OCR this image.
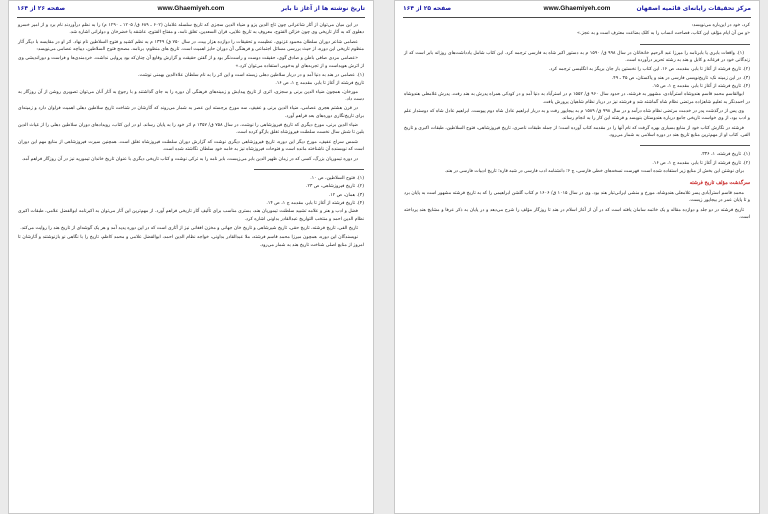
تاریخ نوشته ها از آغاز تا بابر
www.Ghaemiyeh.com
صفحه ۲۶ از ۱۶۴

در این میان می‌توان از آثار شاعرانی چون تاج الدین پزو و ضیاء الدین سجزی که تاریخ سلسله غلامان (۶۰۲ ـ ۶۸۹ ق/ ۱۲۰۵ ـ ۱۲۹۰ م) را به نظم درآوردند نام برد و از امیر خسرو دهلوی که به آثار تاریخی وی چون خزائن الفتوح، معروف به تاریخ علایی، قران السعدین، تغلق نامه، و مفتاح الفتوح، عاشقه یا خضرخان و دولرانی اشاره شد.

عصامی شاعر دوران سلطان محمود غزنوی، عظیمت و تحقیقات را دوازده هزار بیت، در سال ۷۵۰ ق/ ۱۳۴۹ م به نظم کشید و فتوح السلاطین نام نهاد. اثر او در مقایسه با دیگر آثار منظوم تاریخی این دوره، از حیث بررسی مسائل اجتماعی و فرهنگی آن دوران حایز اهمیت است. تاریخ های منظوم: برنامه، مصحح فتوح السلاطین، دیباچه عصامی می‌نویسد:

«عصامی مردی صافی باطن و صادق گوی، حقیقت دوست و راست‌نگر بود و از گفتن حقیقت و گزارش وقایع آن چنان‌که بود پروایی نداشت. خردمندی‌ها و فراست و دوراندیشی وی از اثرش هویداست و از تجربه‌های او به‌خوبی استفاده می‌توان کرد.»

(۱). عصامی در هند به دنیا آمد و در دربار سلاطین دهلی زیسته است و این اثر را به نام سلطان علاءالدین بهمنی نوشت.
تاریخ فرشته از آغاز تا بابر، مقدمه ج ۱، ص ۱۶.

مورخان، همچون ضیاء الدین برنی و سجزی، اثری از تاریخ پیدایش و زمینه‌های فرهنگی آن دوره را به جای گذاشتند و با رجوع به آثار آنان می‌توان تصویری روشن از آن روزگار به دست داد.

در قرن هشتم هجری عصامی، ضیاء الدین برنی و عفیف، سه مورخ برجسته این عصر به شمار می‌روند که آثارشان در شناخت تاریخ سلاطین دهلی اهمیت فراوان دارد و زمینه‌ای برای تاریخ‌نگاری دوره‌های بعد فراهم آورد.

ضیاء الدین برنی، مورخ دیگری که تاریخ فیروزشاهی را نوشت، در سال ۷۵۸ ق/ ۱۳۵۷ م اثر خود را به پایان رساند. او در این کتاب، رویدادهای دوران سلاطین دهلی را از غیاث الدین بلبن تا شش سال نخست سلطنت فیروزشاه تغلق بازگو کرده است.

شمس سراج عفیف، مورخ دیگر این دوره، تاریخ فیروزشاهی دیگری نوشت که گزارش دوران سلطنت فیروزشاه تغلق است. همچنین سیرت فیروزشاهی از منابع مهم این دوران است که نویسنده آن ناشناخته مانده است و فتوحات فیروزشاه نیز به خامه خود سلطان نگاشته شده است.

در دوره تیموریان بزرگ، کسی که در زمان ظهیر الدین بابر می‌زیست، بابر نامه را به ترکی نوشت و کتاب تاریخی دیگری با عنوان تاریخ خاندان تیموریه نیز در آن روزگار فراهم آمد.

(۱). فتوح السلاطین، ص ۱۰.
(۲). تاریخ فیروزشاهی، ص ۲۳.
(۳). همان، ص ۱۲.
(۴). تاریخ فرشته از آغاز تا بابر، مقدمه ج ۱، ص ۱۴.

فضل و ادب و هنر و علامه تشبید سلطنت تیموریان هند، بستری مناسب برای تألیف آثار تاریخی فراهم آورد. از مهم‌ترین این آثار می‌توان به اکبرنامه ابوالفضل علامی، طبقات اکبری نظام الدین احمد و منتخب التواریخ عبدالقادر بداونی اشاره کرد.

تاریخ الفی، تاریخ فرشته، تاریخ حقی، تاریخ شیرشاهی و تاریخ خان جهانی و مخزن افغانی نیز از آثاری است که در این دوره پدید آمد و هر یک گوشه‌ای از تاریخ هند را روایت می‌کند.

نویسندگان این دوره، همچون میرزا محمد قاسم فرشته، ملا عبدالقادر بداونی، خواجه نظام الدین احمد، ابوالفضل علامی و محمد کاظم، تاریخ را با نگاهی نو بازنوشتند و آثارشان تا امروز از منابع اصلی شناخت تاریخ هند به شمار می‌رود.

مرکز تحقیقات رایانه‌ای قائمیه اصفهان
www.Ghaemiyeh.com
صفحه ۲۵ از ۱۶۴
کرد، خود در این‌باره می‌نویسد:
«و من آن ایام مؤلف این کتاب، فصاحت انساب را به کلک بضاعت معترف است و به عجز.»

(۱). واقعات بابری یا بابرنامه را میرزا عبد الرحیم خانخانان در سال ۹۹۸ ق/ ۱۵۹۰ م به دستور اکبر شاه به فارسی ترجمه کرد. این کتاب شامل یادداشت‌های روزانه بابر است که از زندگانی خود در فرغانه و کابل و هند به رشته تحریر درآورده است.

(۲). تاریخ فرشته از آغاز تا بابر، مقدمه، ص ۱۶. این کتاب را نخستین بار جان بریگز به انگلیسی ترجمه کرد.
(۳). در این زمینه نک: تاریخ‌نویسی فارسی در هند و پاکستان، ص ۳۵ ـ ۴۹.
(۴). تاریخ فرشته از آغاز تا بابر، مقدمه ج ۱، ص ۱۵.

ابوالقاسم محمد قاسم هندوشاه استرآبادی، مشهور به فرشته، در حدود سال ۹۶۰ ق/ ۱۵۵۲ م در استرآباد به دنیا آمد و در کودکی همراه پدرش به هند رفت. پدرش غلامعلی هندوشاه در احمدنگر به تعلیم شاهزاده مرتضی نظام شاه گماشته شد و فرشته نیز در دربار نظام شاهیان پرورش یافت.

وی پس از درگذشت پدر در خدمت مرتضی نظام شاه درآمد و در سال ۹۹۸ ق/ ۱۵۸۹ م به بیجاپور رفت و به دربار ابراهیم عادل شاه دوم پیوست. ابراهیم عادل شاه که دوستدار علم و ادب بود، از وی خواست تاریخی جامع درباره هندوستان بنویسد و فرشته این کار را به انجام رساند.

فرشته در نگارش کتاب خود از منابع بسیاری بهره گرفت که نام آنها را در مقدمه کتاب آورده است؛ از جمله طبقات ناصری، تاریخ فیروزشاهی، فتوح السلاطین، طبقات اکبری و تاریخ الفی. کتاب او از مهم‌ترین منابع تاریخ هند در دوره اسلامی به شمار می‌رود.

(۱). تاریخ فرشته، ۱، ۳۳۶.
(۲). تاریخ فرشته از آغاز تا بابر، مقدمه ج ۱، ص ۱۶.

برای نوشتن این بخش از منابع زیر استفاده شده است: فهرست نسخه‌های خطی فارسی، ج ۶؛ دانشنامه ادب فارسی در شبه قاره؛ تاریخ ادبیات فارسی در هند.

سرگذشت مؤلف تاریخ فرشته

محمد قاسم استرآبادی پسر غلامعلی هندوشاه، مورخ و منشی ایرانی‌تبار هند بود. وی در سال ۱۰۱۵ ق/ ۱۶۰۶ م کتاب گلشن ابراهیمی را که به تاریخ فرشته مشهور است به پایان برد و تا پایان عمر در بیجاپور زیست.

تاریخ فرشته در دو جلد و دوازده مقاله و یک خاتمه سامان یافته است که در آن از آغاز اسلام در هند تا روزگار مؤلف را شرح می‌دهد و در پایان به ذکر عرفا و مشایخ هند پرداخته است.
